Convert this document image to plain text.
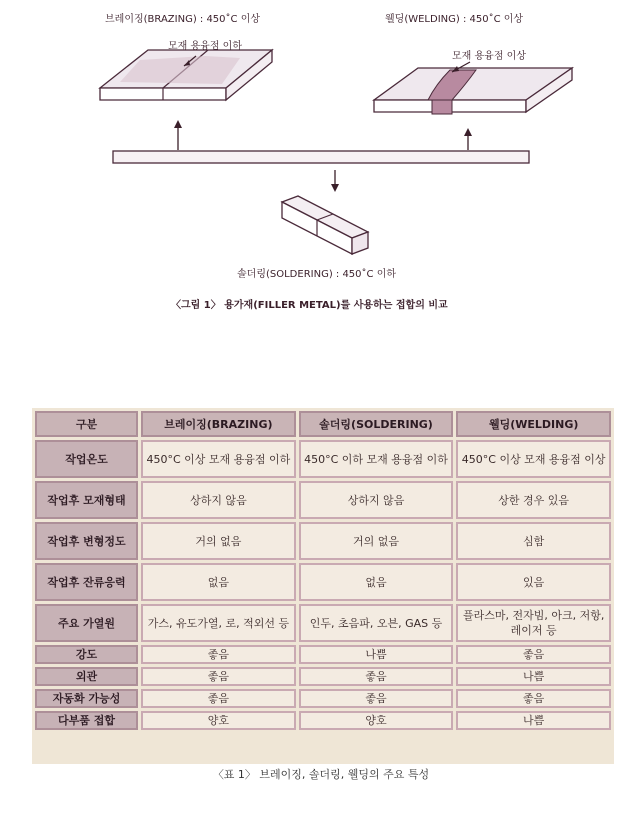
브레이징(BRAZING) : 450˚C 이상
모재 용융점 이하
웰딩(WELDING) : 450˚C 이상
모재 용융점 이상
솔더링(SOLDERING) : 450˚C 이하
〈그림 1〉 용가재(FILLER METAL)를 사용하는 접합의 비교
구분	브레이징(BRAZING)	솔더링(SOLDERING)	웰딩(WELDING)
작업온도	450°C 이상 모재 용융점 이하	450°C 이하 모재 용융점 이하	450°C 이상 모재 용융점 이상
작업후 모재형태	상하지 않음	상하지 않음	상한 경우 있음
작업후 변형정도	거의 없음	거의 없음	심함
작업후 잔류응력	없음	없음	있음
주요 가열원	가스, 유도가열, 로, 적외선 등	인두, 초음파, 오븐, GAS 등	플라스마, 전자빔, 아크, 저항, 레이저 등
강도	좋음	나쁨	좋음
외관	좋음	좋음	나쁨
자동화 가능성	좋음	좋음	좋음
다부품 접합	양호	양호	나쁨
〈표 1〉 브레이징, 솔더링, 웰딩의 주요 특성
